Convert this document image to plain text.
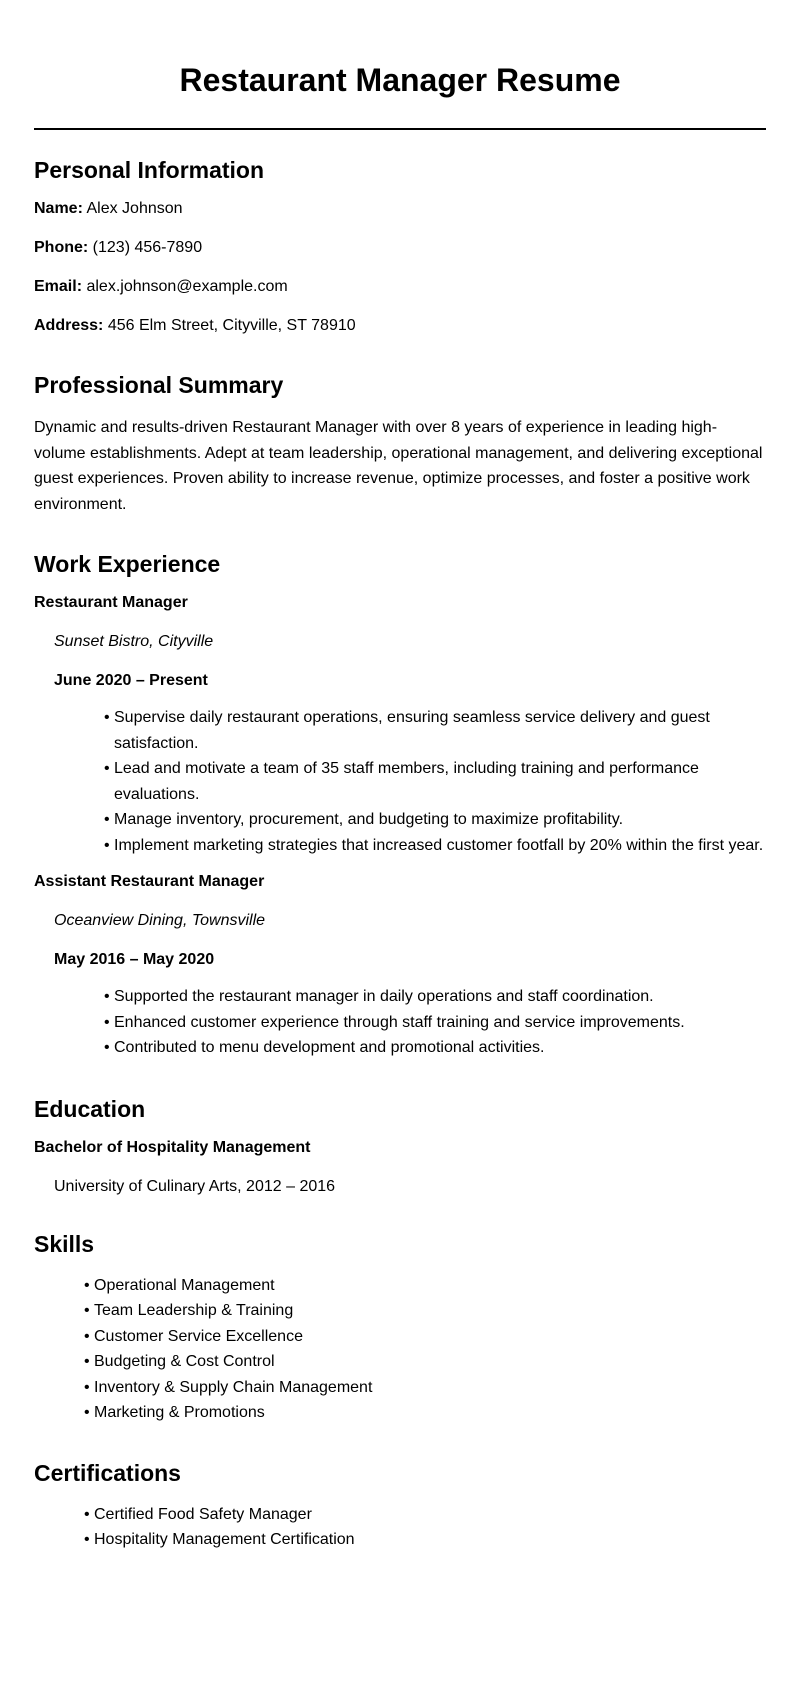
Restaurant Manager Resume
Personal Information

Name: Alex Johnson

Phone: (123) 456-7890

Email: alex.johnson@example.com

Address: 456 Elm Street, Cityville, ST 78910

Professional Summary

Dynamic and results-driven Restaurant Manager with over 8 years of experience in leading high-volume establishments. Adept at team leadership, operational management, and delivering exceptional guest experiences. Proven ability to increase revenue, optimize processes, and foster a positive work environment.

Work Experience
Restaurant Manager

Sunset Bistro, Cityville

June 2020 – Present

• Supervise daily restaurant operations, ensuring seamless service delivery and guest satisfaction.
• Lead and motivate a team of 35 staff members, including training and performance evaluations.
• Manage inventory, procurement, and budgeting to maximize profitability.
• Implement marketing strategies that increased customer footfall by 20% within the first year.
Assistant Restaurant Manager

Oceanview Dining, Townsville

May 2016 – May 2020

• Supported the restaurant manager in daily operations and staff coordination.
• Enhanced customer experience through staff training and service improvements.
• Contributed to menu development and promotional activities.
Education
Bachelor of Hospitality Management

University of Culinary Arts, 2012 – 2016

Skills
• Operational Management
• Team Leadership & Training
• Customer Service Excellence
• Budgeting & Cost Control
• Inventory & Supply Chain Management
• Marketing & Promotions
Certifications
• Certified Food Safety Manager
• Hospitality Management Certification
